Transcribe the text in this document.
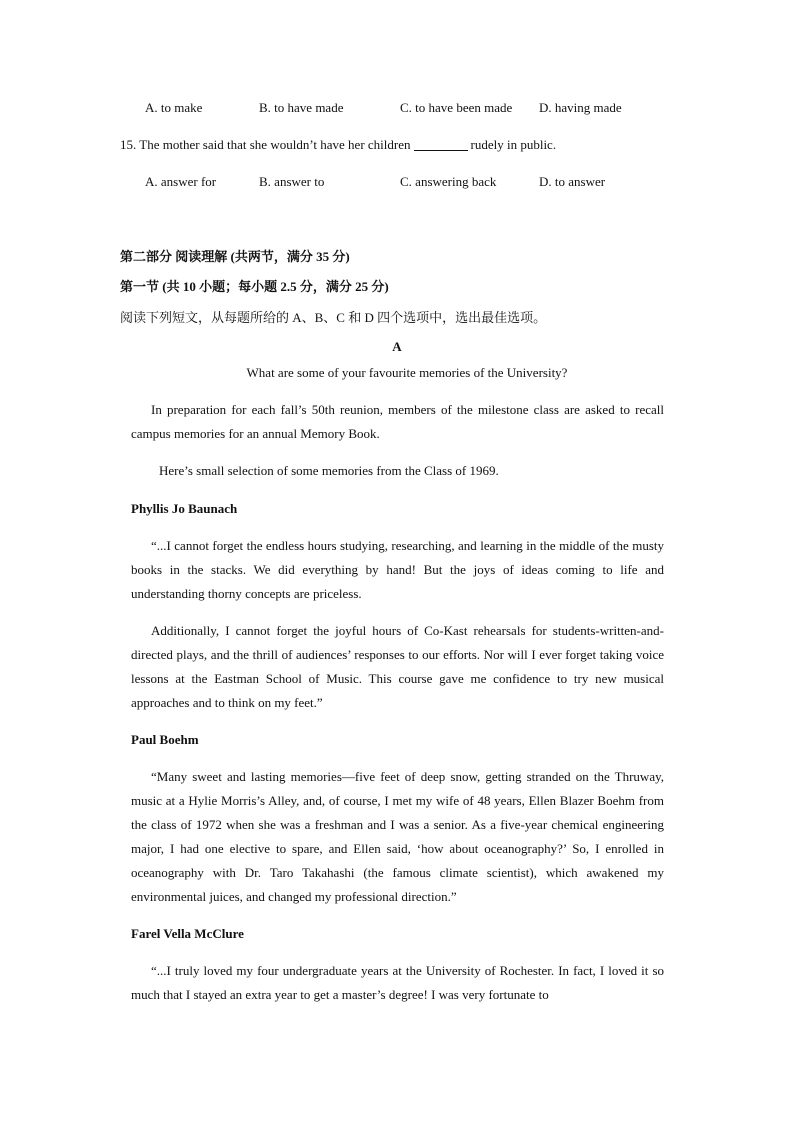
A. to make	B. to have made	C. to have been made D. having made
15. The mother said that she wouldn’t have her children	rudely in public.
A. answer for	B. answer to	C. answering back	D. to answer
第二部分 阅读理解 (共两节，满分 35 分)
第一节 (共 10 小题；每小题 2.5 分，满分 25 分)
阅读下列短文，从每题所给的 A、B、C 和 D 四个选项中，选出最佳选项。
A
What are some of your favourite memories of the University?
In preparation for each fall’s 50th reunion, members of the milestone class are asked to recall campus memories for an annual Memory Book.
Here’s small selection of some memories from the Class of 1969.
Phyllis Jo Baunach
“...I cannot forget the endless hours studying, researching, and learning in the middle of the musty books in the stacks. We did everything by hand! But the joys of ideas coming to life and understanding thorny concepts are priceless.
Additionally, I cannot forget the joyful hours of Co-Kast rehearsals for students-written-and-directed plays, and the thrill of audiences’ responses to our efforts. Nor will I ever forget taking voice lessons at the Eastman School of Music. This course gave me confidence to try new musical approaches and to think on my feet.”
Paul Boehm
“Many sweet and lasting memories—five feet of deep snow, getting stranded on the Thruway, music at a Hylie Morris’s Alley, and, of course, I met my wife of 48 years, Ellen Blazer Boehm from the class of 1972 when she was a freshman and I was a senior. As a five-year chemical engineering major, I had one elective to spare, and Ellen said, ‘how about oceanography?’ So, I enrolled in oceanography with Dr. Taro Takahashi (the famous climate scientist), which awakened my environmental juices, and changed my professional direction.”
Farel Vella McClure
“...I truly loved my four undergraduate years at the University of Rochester. In fact, I loved it so much that I stayed an extra year to get a master’s degree! I was very fortunate to
